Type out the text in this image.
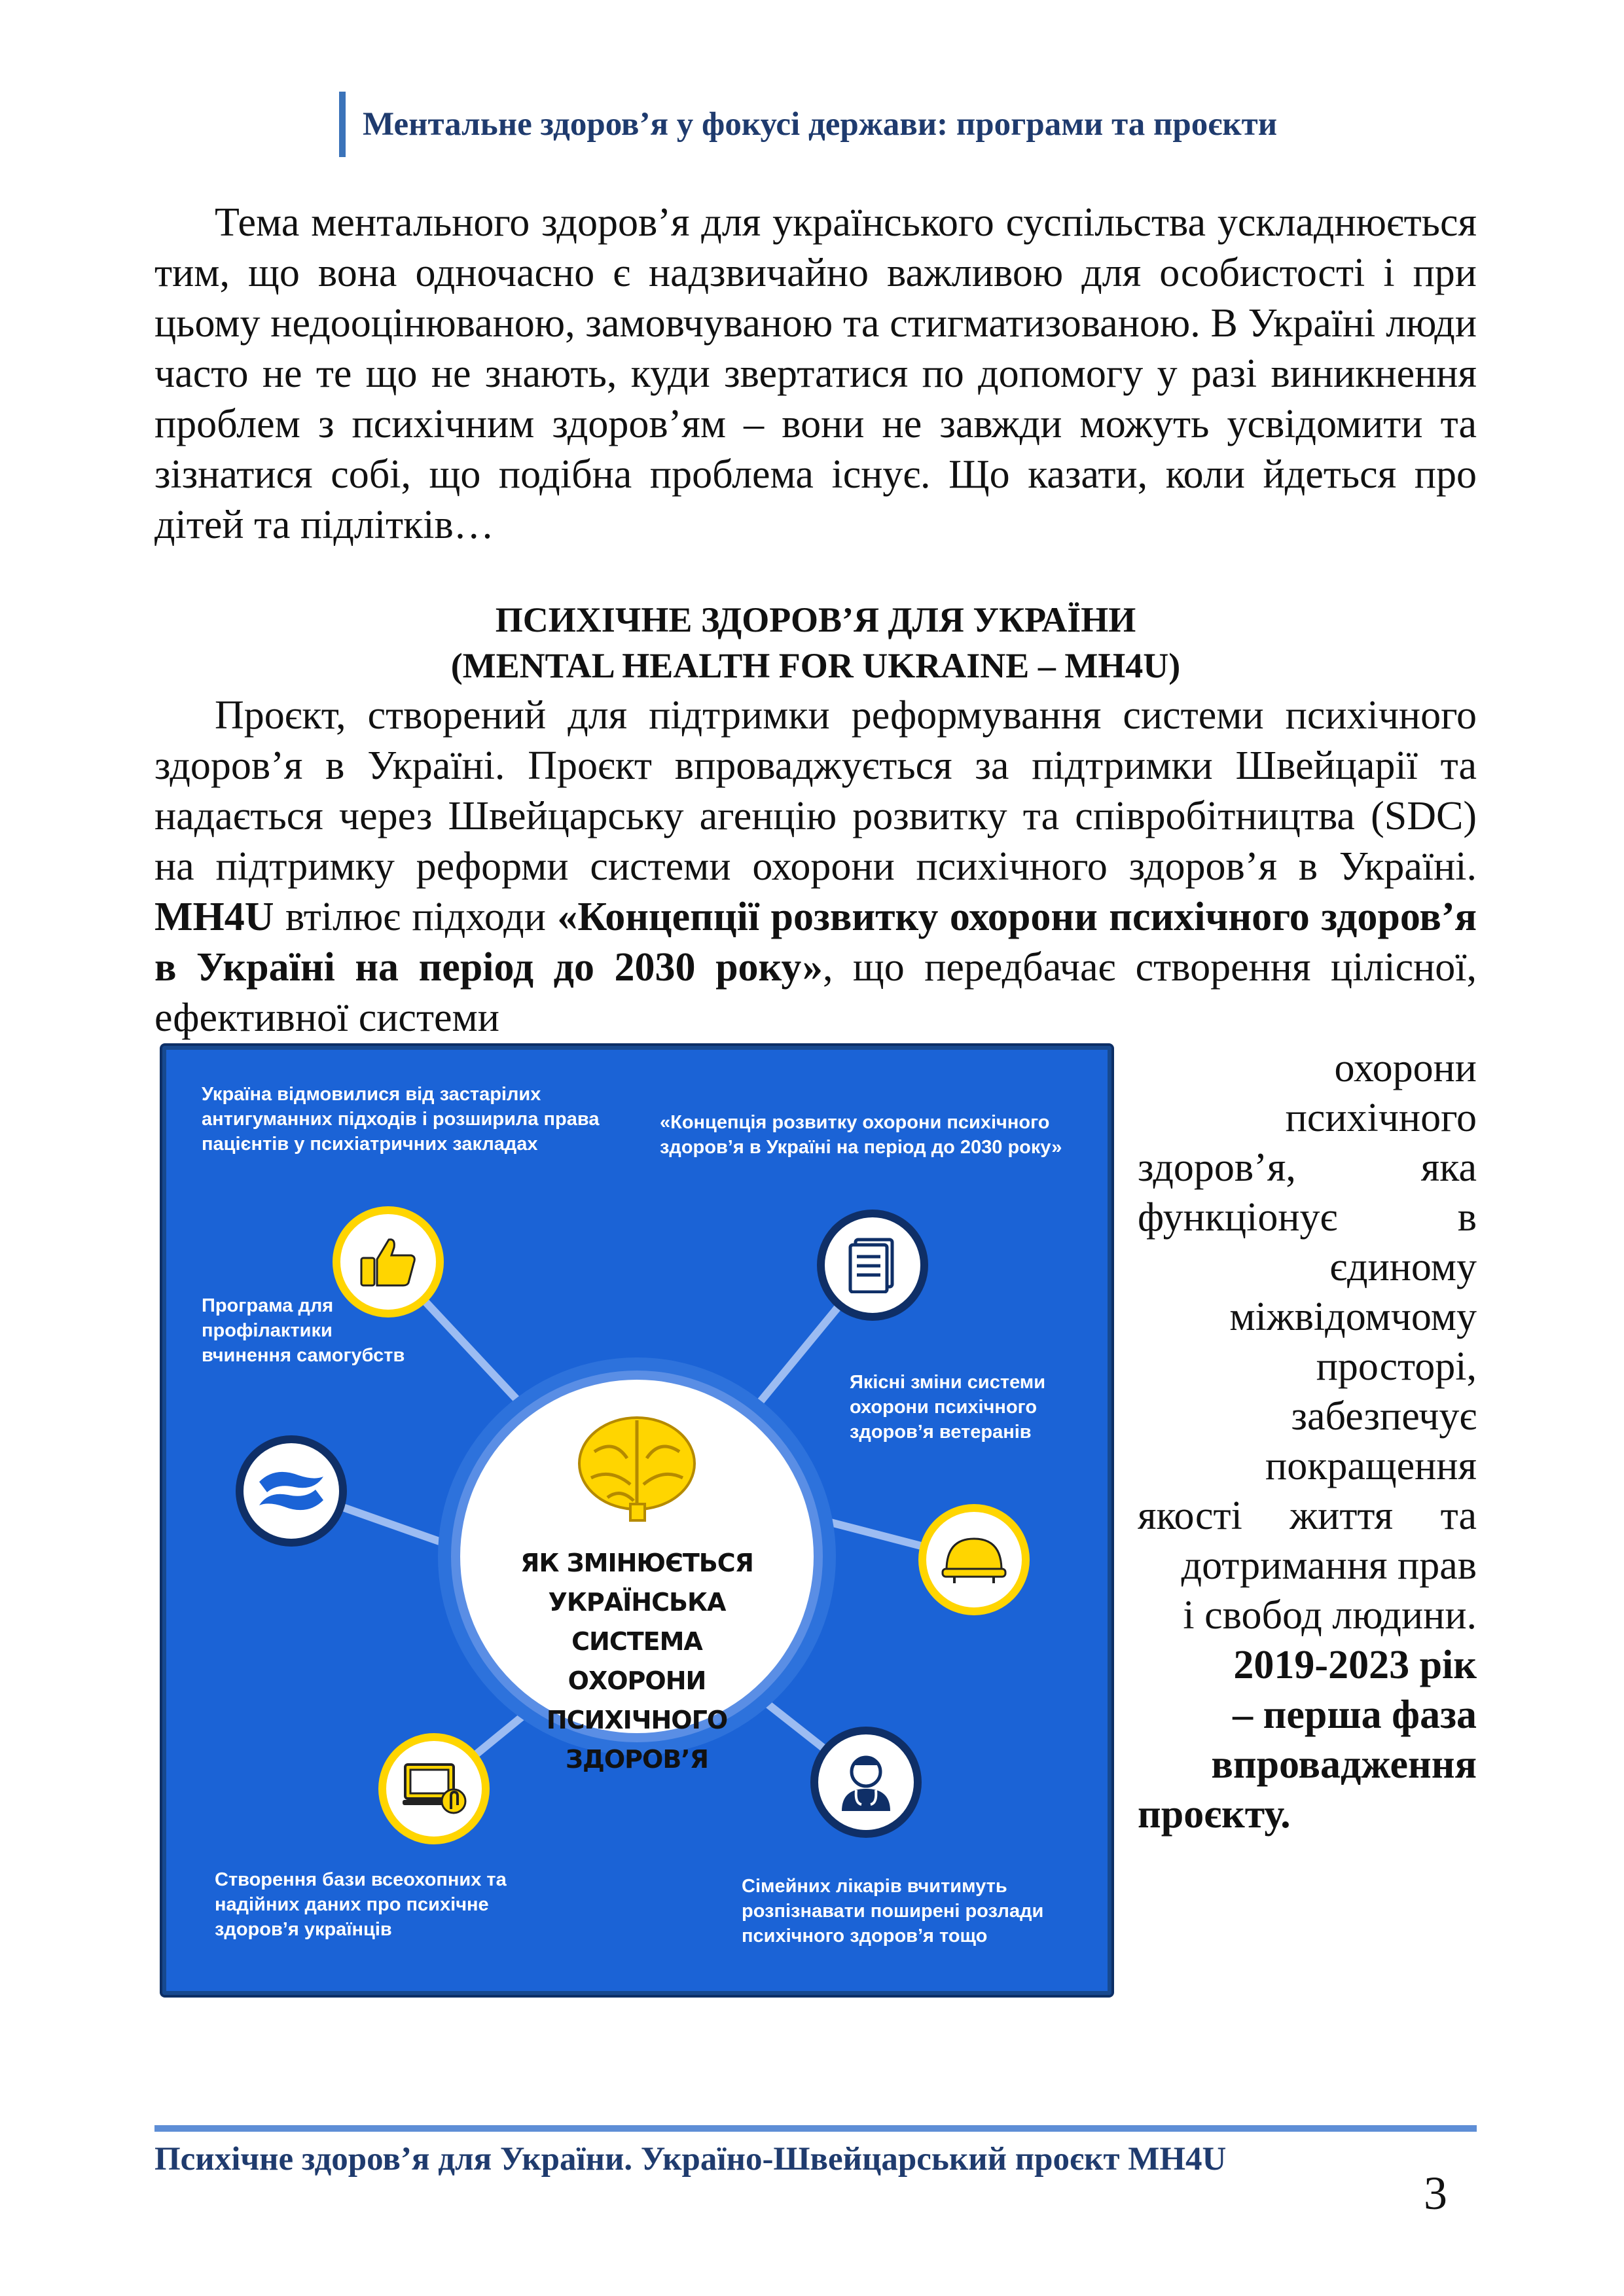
Ментальне здоров’я у фокусі держави: програми та проєкти

Тема ментального здоров’я для українського суспільства ускладнюється тим, що вона одночасно є надзвичайно важливою для особистості і при цьому недооцінюваною, замовчуваною та стигматизованою. В Україні люди часто не те що не знають, куди звертатися по допомогу у разі виникнення проблем з психічним здоров’ям – вони не завжди можуть усвідомити та зізнатися собі, що подібна проблема існує. Що казати, коли йдеться про дітей та підлітків…

ПСИХІЧНЕ ЗДОРОВ’Я ДЛЯ УКРАЇНИ

(MENTAL HEALTH FOR UKRAINE – MH4U)

Проєкт, створений для підтримки реформування системи психічного здоров’я в Україні. Проєкт впроваджується за підтримки Швейцарії та надається через Швейцарську агенцію розвитку та співробітництва (SDC) на підтримку реформи системи охорони психічного здоров’я в Україні. MH4U втілює підходи «Концепції розвитку охорони психічного здоров’я в Україні на період до 2030 року», що передбачає створення цілісної, ефективної системи

охорони
психічного
здоров’я,	яка
функціонує	в
єдиному
міжвідомчому
просторі,
забезпечує
покращення
якості життя та
дотримання прав
і свобод людини.
2019-2023 рік
– перша фаза
впровадження
проєкту.
ЯК ЗМІНЮЄТЬСЯ
УКРАЇНСЬКА СИСТЕМА
ОХОРОНИ ПСИХІЧНОГО
ЗДОРОВ’Я
Україна відмовилися від застарілих
антигуманних підходів і розширила права
пацієнтів у психіатричних закладах
«Концепція розвитку охорони психічного
здоров’я в Україні на період до 2030 року»
Програма для
профілактики
вчинення самогубств
Якісні зміни системи
охорони психічного
здоров’я ветеранів
Створення бази всеохопних та
надійних даних про психічне
здоров’я українців
Сімейних лікарів вчитимуть
розпізнавати поширені розлади
психічного здоров’я тощо
Психічне здоров’я для України. Україно-Швейцарський проєкт MH4U
3
